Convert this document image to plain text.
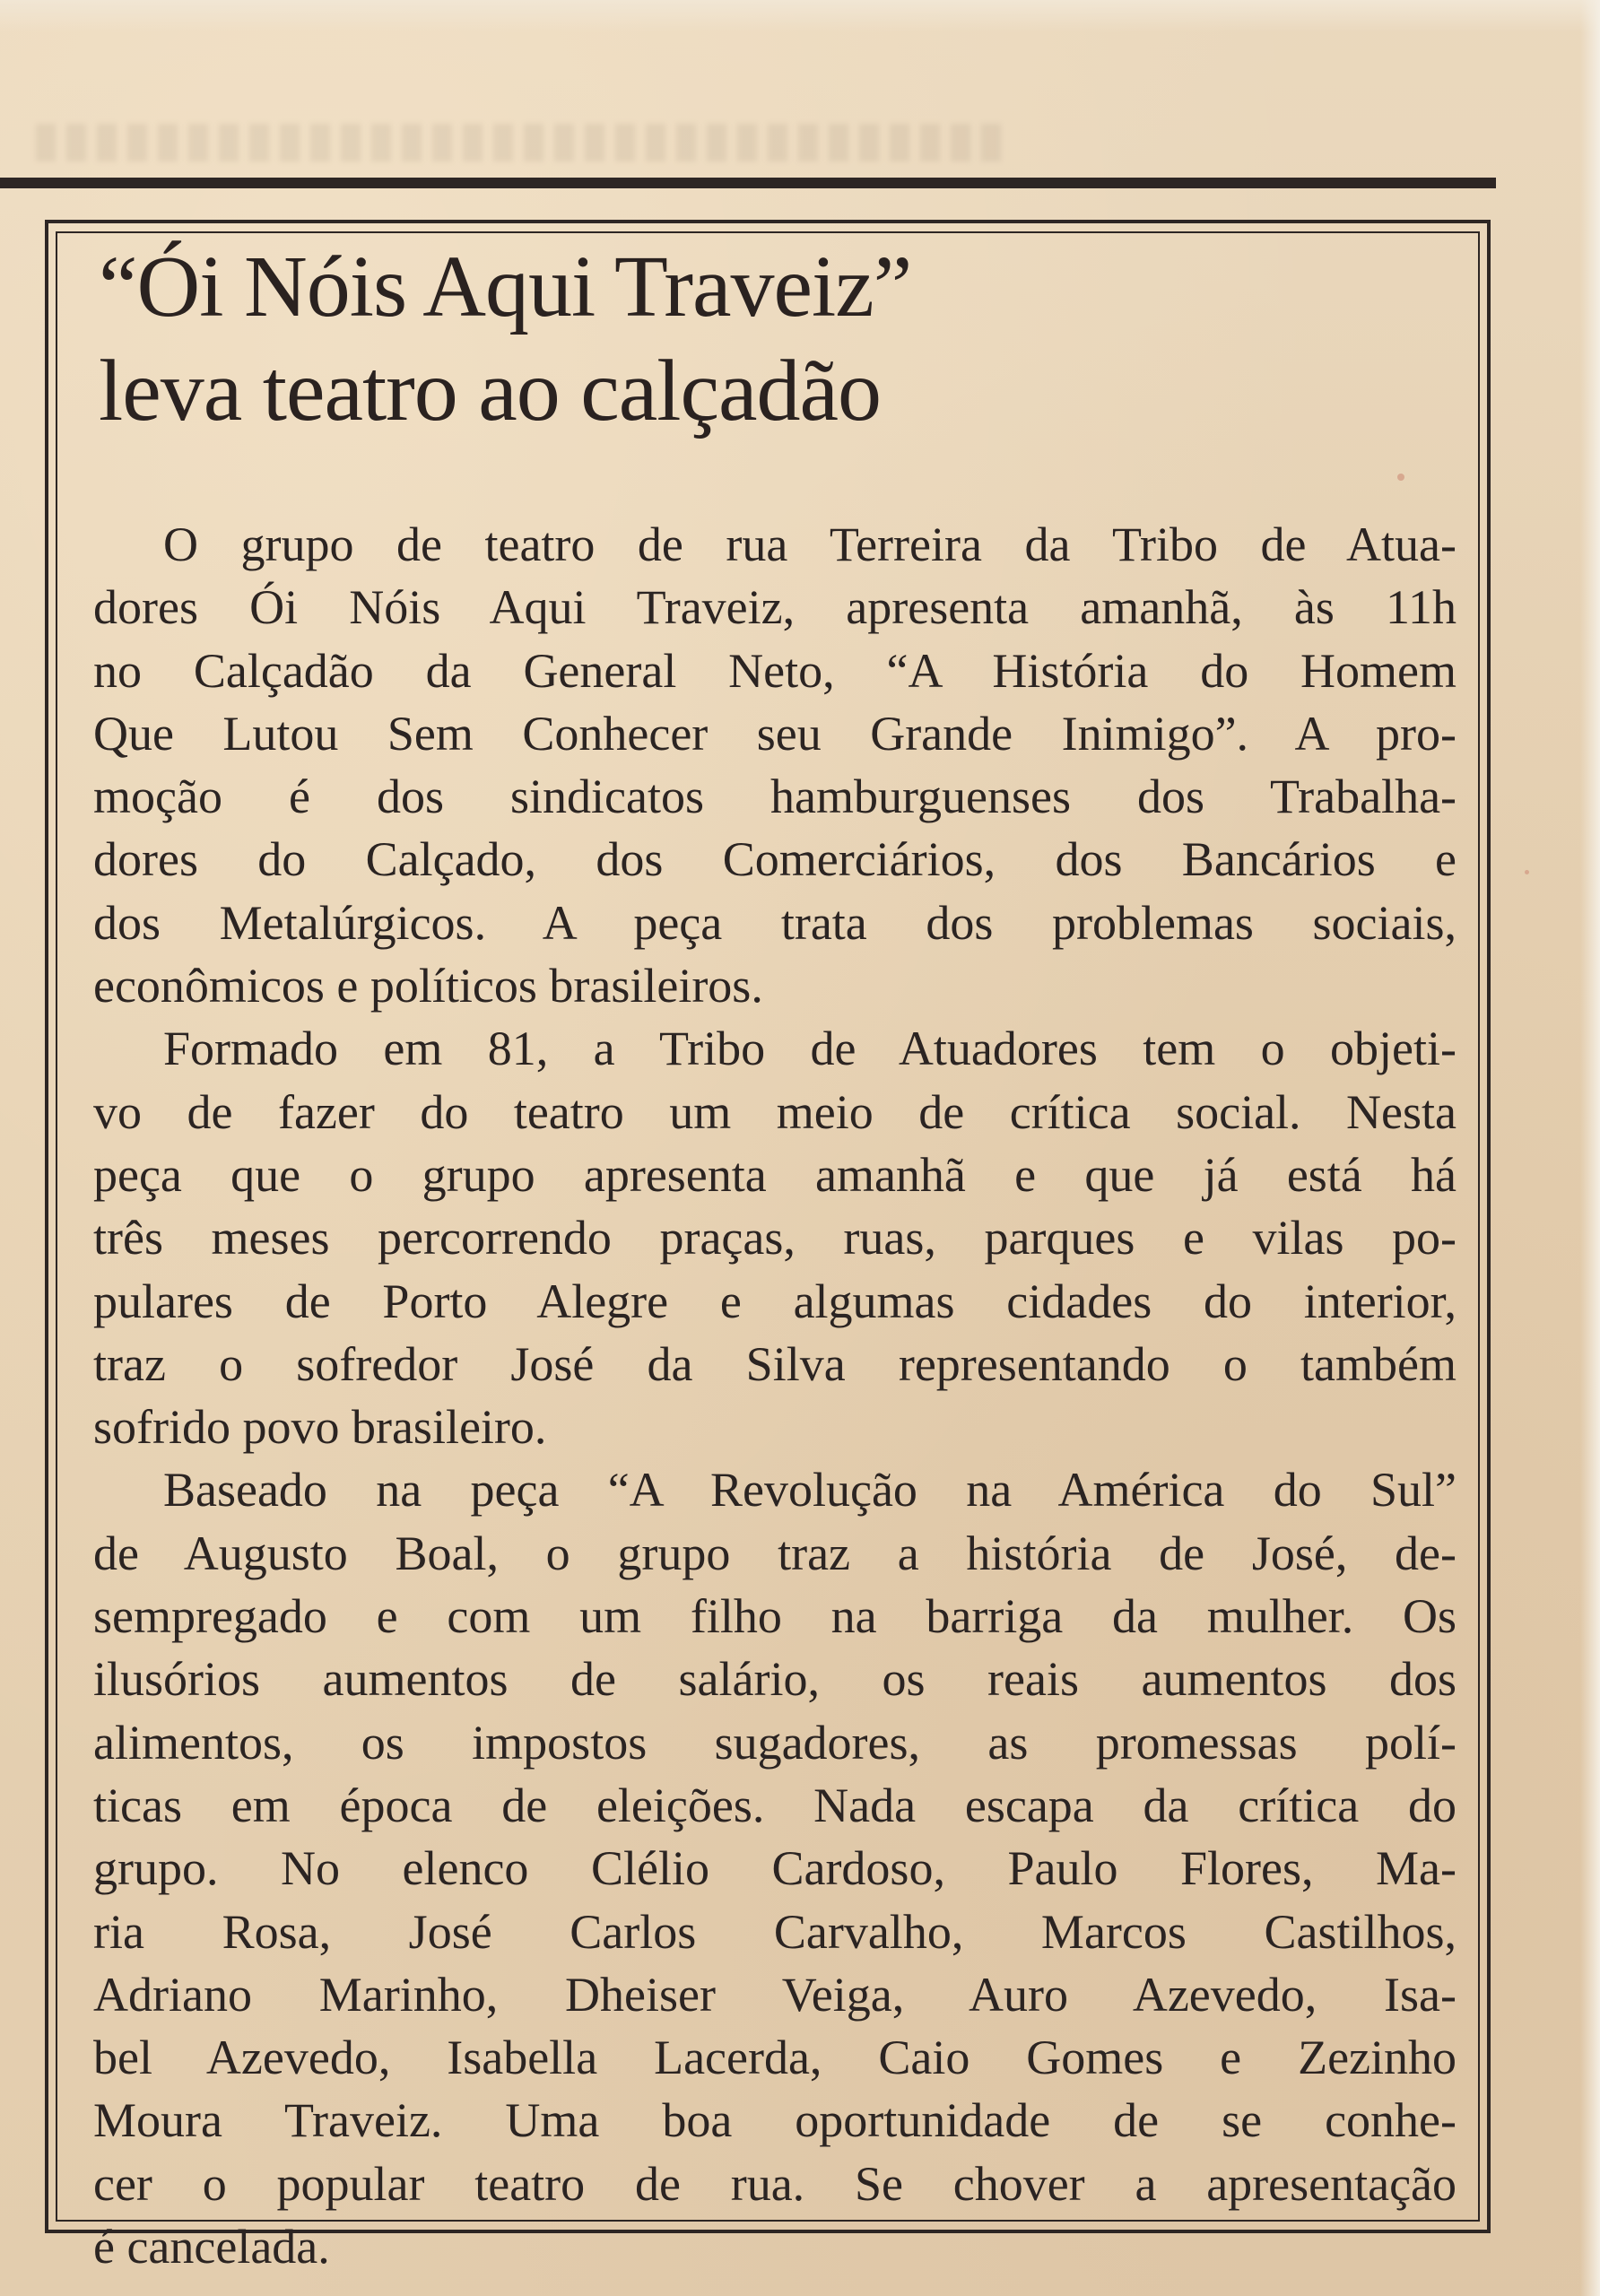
“Ói Nóis Aqui Traveiz”
leva teatro ao calçadão

O grupo de teatro de rua Terreira da Tribo de Atua-
dores Ói Nóis Aqui Traveiz, apresenta amanhã, às 11h
no Calçadão da General Neto, “A História do Homem
Que Lutou Sem Conhecer seu Grande Inimigo”. A pro-
moção é dos sindicatos hamburguenses dos Trabalha-
dores do Calçado, dos Comerciários, dos Bancários e
dos Metalúrgicos. A peça trata dos problemas sociais,
econômicos e políticos brasileiros.

Formado em 81, a Tribo de Atuadores tem o objeti-
vo de fazer do teatro um meio de crítica social. Nesta
peça que o grupo apresenta amanhã e que já está há
três meses percorrendo praças, ruas, parques e vilas po-
pulares de Porto Alegre e algumas cidades do interior,
traz o sofredor José da Silva representando o também
sofrido povo brasileiro.

Baseado na peça “A Revolução na América do Sul”
de Augusto Boal, o grupo traz a história de José, de-
sempregado e com um filho na barriga da mulher. Os
ilusórios aumentos de salário, os reais aumentos dos
alimentos, os impostos sugadores, as promessas polí-
ticas em época de eleições. Nada escapa da crítica do
grupo. No elenco Clélio Cardoso, Paulo Flores, Ma-
ria Rosa, José Carlos Carvalho, Marcos Castilhos,
Adriano Marinho, Dheiser Veiga, Auro Azevedo, Isa-
bel Azevedo, Isabella Lacerda, Caio Gomes e Zezinho
Moura Traveiz. Uma boa oportunidade de se conhe-
cer o popular teatro de rua. Se chover a apresentação
é cancelada.
